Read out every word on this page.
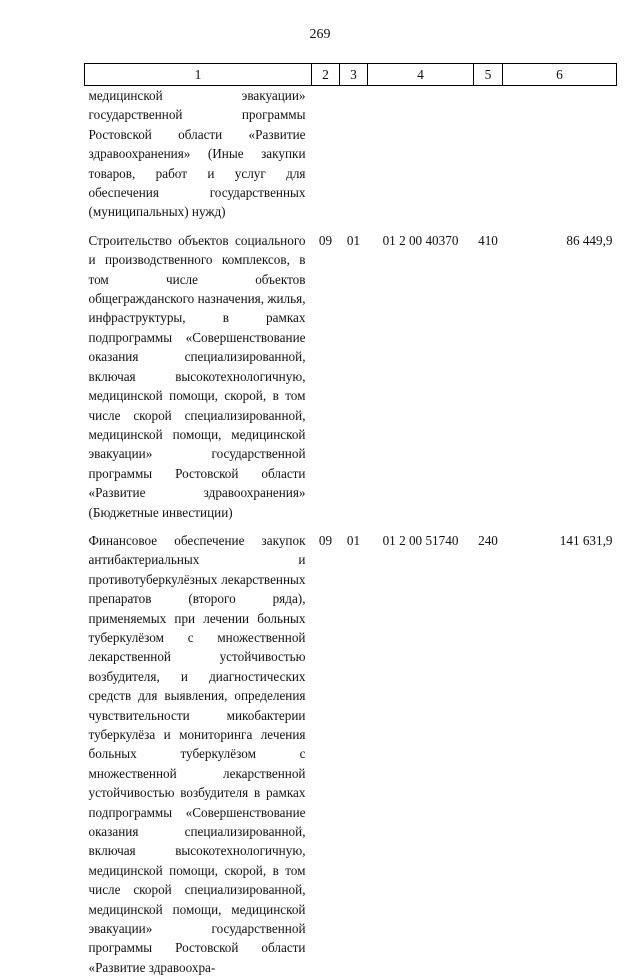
269
1	2	3	4	5	6
медицинской эвакуации» государственной программы Ростовской области «Развитие здравоохранения» (Иные закупки товаров, работ и услуг для обеспечения государственных (муниципальных) нужд)					
Строительство объектов социального и производственного комплексов, в том числе объектов общегражданского назначения, жилья, инфраструктуры, в рамках подпрограммы «Совершенствование оказания специализированной, включая высокотехнологичную, медицинской помощи, скорой, в том числе скорой специализированной, медицинской помощи, медицинской эвакуации» государственной программы Ростовской области «Развитие здравоохранения» (Бюджетные инвестиции)	09	01	01 2 00 40370	410	86 449,9
Финансовое обеспечение закупок антибактериальных и противотуберкулёзных лекарственных препаратов (второго ряда), применяемых при лечении больных туберкулёзом с множественной лекарственной устойчивостью возбудителя, и диагностических средств для выявления, определения чувствительности микобактерии туберкулёза и мониторинга лечения больных туберкулёзом с множественной лекарственной устойчивостью возбудителя в рамках подпрограммы «Совершенствование оказания специализированной, включая высокотехнологичную, медицинской помощи, скорой, в том числе скорой специализированной, медицинской помощи, медицинской эвакуации» государственной программы Ростовской области «Развитие здравоохра-	09	01	01 2 00 51740	240	141 631,9
